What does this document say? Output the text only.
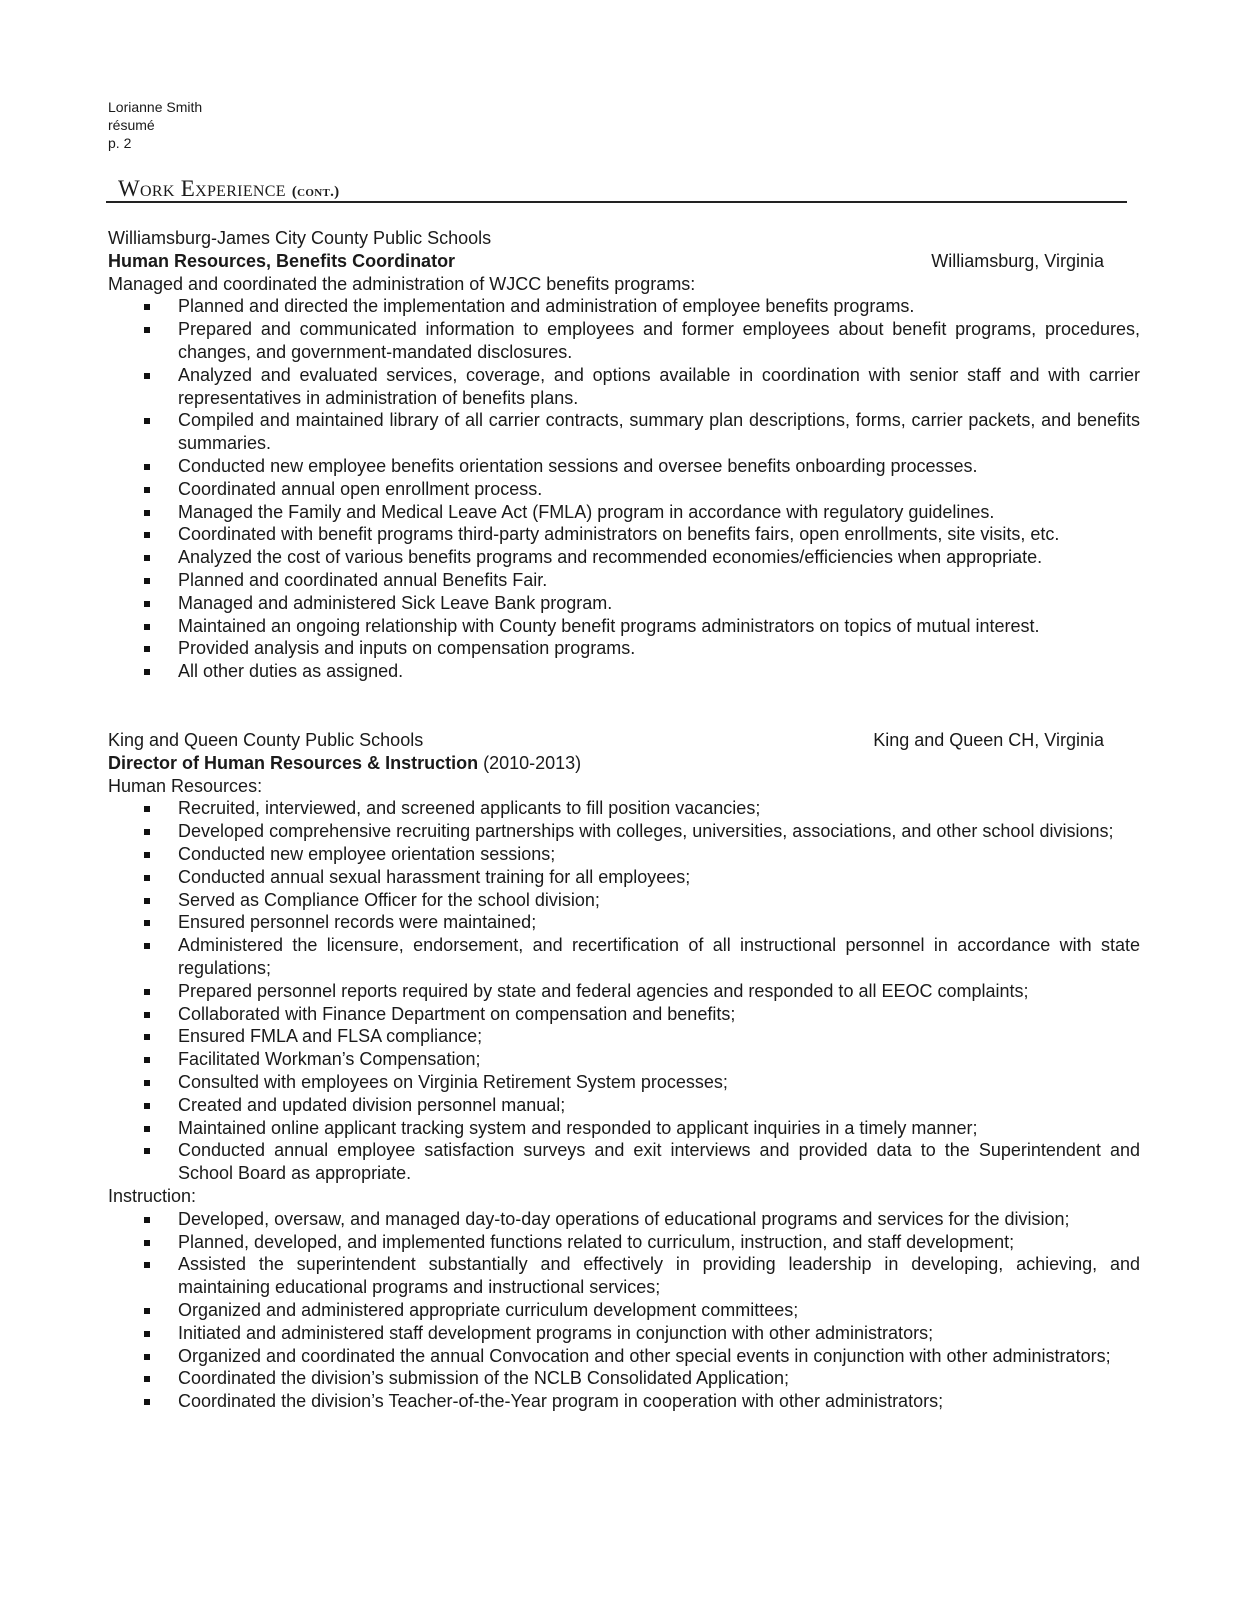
Lorianne Smith
résumé
p. 2
Work Experience (cont.)
Williamsburg-James City County Public Schools
Human Resources, Benefits Coordinator	Williamsburg, Virginia
Managed and coordinated the administration of WJCC benefits programs:
Planned and directed the implementation and administration of employee benefits programs.
Prepared and communicated information to employees and former employees about benefit programs, procedures, changes, and government-mandated disclosures.
Analyzed and evaluated services, coverage, and options available in coordination with senior staff and with carrier representatives in administration of benefits plans.
Compiled and maintained library of all carrier contracts, summary plan descriptions, forms, carrier packets, and benefits summaries.
Conducted new employee benefits orientation sessions and oversee benefits onboarding processes.
Coordinated annual open enrollment process.
Managed the Family and Medical Leave Act (FMLA) program in accordance with regulatory guidelines.
Coordinated with benefit programs third-party administrators on benefits fairs, open enrollments, site visits, etc.
Analyzed the cost of various benefits programs and recommended economies/efficiencies when appropriate.
Planned and coordinated annual Benefits Fair.
Managed and administered Sick Leave Bank program.
Maintained an ongoing relationship with County benefit programs administrators on topics of mutual interest.
Provided analysis and inputs on compensation programs.
All other duties as assigned.
King and Queen County Public Schools	King and Queen CH, Virginia
Director of Human Resources & Instruction (2010-2013)
Human Resources:
Recruited, interviewed, and screened applicants to fill position vacancies;
Developed comprehensive recruiting partnerships with colleges, universities, associations, and other school divisions;
Conducted new employee orientation sessions;
Conducted annual sexual harassment training for all employees;
Served as Compliance Officer for the school division;
Ensured personnel records were maintained;
Administered the licensure, endorsement, and recertification of all instructional personnel in accordance with state regulations;
Prepared personnel reports required by state and federal agencies and responded to all EEOC complaints;
Collaborated with Finance Department on compensation and benefits;
Ensured FMLA and FLSA compliance;
Facilitated Workman’s Compensation;
Consulted with employees on Virginia Retirement System processes;
Created and updated division personnel manual;
Maintained online applicant tracking system and responded to applicant inquiries in a timely manner;
Conducted annual employee satisfaction surveys and exit interviews and provided data to the Superintendent and School Board as appropriate.
Instruction:
Developed, oversaw, and managed day-to-day operations of educational programs and services for the division;
Planned, developed, and implemented functions related to curriculum, instruction, and staff development;
Assisted the superintendent substantially and effectively in providing leadership in developing, achieving, and maintaining educational programs and instructional services;
Organized and administered appropriate curriculum development committees;
Initiated and administered staff development programs in conjunction with other administrators;
Organized and coordinated the annual Convocation and other special events in conjunction with other administrators;
Coordinated the division’s submission of the NCLB Consolidated Application;
Coordinated the division’s Teacher-of-the-Year program in cooperation with other administrators;
